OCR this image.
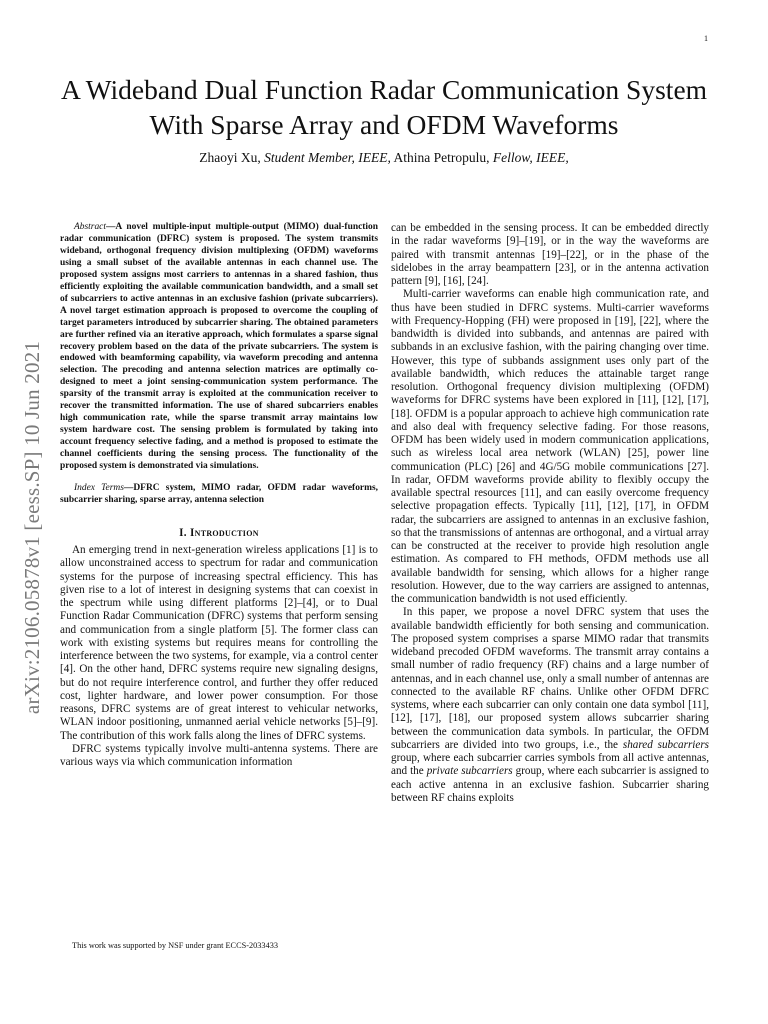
1
arXiv:2106.05878v1 [eess.SP] 10 Jun 2021
A Wideband Dual Function Radar Communication System With Sparse Array and OFDM Waveforms
Zhaoyi Xu, Student Member, IEEE, Athina Petropulu, Fellow, IEEE,

Abstract—A novel multiple-input multiple-output (MIMO) dual-function radar communication (DFRC) system is proposed. The system transmits wideband, orthogonal frequency division multiplexing (OFDM) waveforms using a small subset of the available antennas in each channel use. The proposed system assigns most carriers to antennas in a shared fashion, thus efficiently exploiting the available communication bandwidth, and a small set of subcarriers to active antennas in an exclusive fashion (private subcarriers). A novel target estimation approach is proposed to overcome the coupling of target parameters introduced by subcarrier sharing. The obtained parameters are further refined via an iterative approach, which formulates a sparse signal recovery problem based on the data of the private subcarriers. The system is endowed with beamforming capability, via waveform precoding and antenna selection. The precoding and antenna selection matrices are optimally co-designed to meet a joint sensing-communication system performance. The sparsity of the transmit array is exploited at the communication receiver to recover the transmitted information. The use of shared subcarriers enables high communication rate, while the sparse transmit array maintains low system hardware cost. The sensing problem is formulated by taking into account frequency selective fading, and a method is proposed to estimate the channel coefficients during the sensing process. The functionality of the proposed system is demonstrated via simulations.

Index Terms—DFRC system, MIMO radar, OFDM radar waveforms, subcarrier sharing, sparse array, antenna selection

I. Introduction

An emerging trend in next-generation wireless applications [1] is to allow unconstrained access to spectrum for radar and communication systems for the purpose of increasing spectral efficiency. This has given rise to a lot of interest in designing systems that can coexist in the spectrum while using different platforms [2]–[4], or to Dual Function Radar Communication (DFRC) systems that perform sensing and communication from a single platform [5]. The former class can work with existing systems but requires means for controlling the interference between the two systems, for example, via a control center [4]. On the other hand, DFRC systems require new signaling designs, but do not require interference control, and further they offer reduced cost, lighter hardware, and lower power consumption. For those reasons, DFRC systems are of great interest to vehicular networks, WLAN indoor positioning, unmanned aerial vehicle networks [5]–[9]. The contribution of this work falls along the lines of DFRC systems.

DFRC systems typically involve multi-antenna systems. There are various ways via which communication information

can be embedded in the sensing process. It can be embedded directly in the radar waveforms [9]–[19], or in the way the waveforms are paired with transmit antennas [19]–[22], or in the phase of the sidelobes in the array beampattern [23], or in the antenna activation pattern [9], [16], [24].

Multi-carrier waveforms can enable high communication rate, and thus have been studied in DFRC systems. Multi-carrier waveforms with Frequency-Hopping (FH) were proposed in [19], [22], where the bandwidth is divided into subbands, and antennas are paired with subbands in an exclusive fashion, with the pairing changing over time. However, this type of subbands assignment uses only part of the available bandwidth, which reduces the attainable target range resolution. Orthogonal frequency division multiplexing (OFDM) waveforms for DFRC systems have been explored in [11], [12], [17], [18]. OFDM is a popular approach to achieve high communication rate and also deal with frequency selective fading. For those reasons, OFDM has been widely used in modern communication applications, such as wireless local area network (WLAN) [25], power line communication (PLC) [26] and 4G/5G mobile communications [27]. In radar, OFDM waveforms provide ability to flexibly occupy the available spectral resources [11], and can easily overcome frequency selective propagation effects. Typically [11], [12], [17], in OFDM radar, the subcarriers are assigned to antennas in an exclusive fashion, so that the transmissions of antennas are orthogonal, and a virtual array can be constructed at the receiver to provide high resolution angle estimation. As compared to FH methods, OFDM methods use all available bandwidth for sensing, which allows for a higher range resolution. However, due to the way carriers are assigned to antennas, the communication bandwidth is not used efficiently.

In this paper, we propose a novel DFRC system that uses the available bandwidth efficiently for both sensing and communication. The proposed system comprises a sparse MIMO radar that transmits wideband precoded OFDM waveforms. The transmit array contains a small number of radio frequency (RF) chains and a large number of antennas, and in each channel use, only a small number of antennas are connected to the available RF chains. Unlike other OFDM DFRC systems, where each subcarrier can only contain one data symbol [11], [12], [17], [18], our proposed system allows subcarrier sharing between the communication data symbols. In particular, the OFDM subcarriers are divided into two groups, i.e., the shared subcarriers group, where each subcarrier carries symbols from all active antennas, and the private subcarriers group, where each subcarrier is assigned to each active antenna in an exclusive fashion. Subcarrier sharing between RF chains exploits

This work was supported by NSF under grant ECCS-2033433
